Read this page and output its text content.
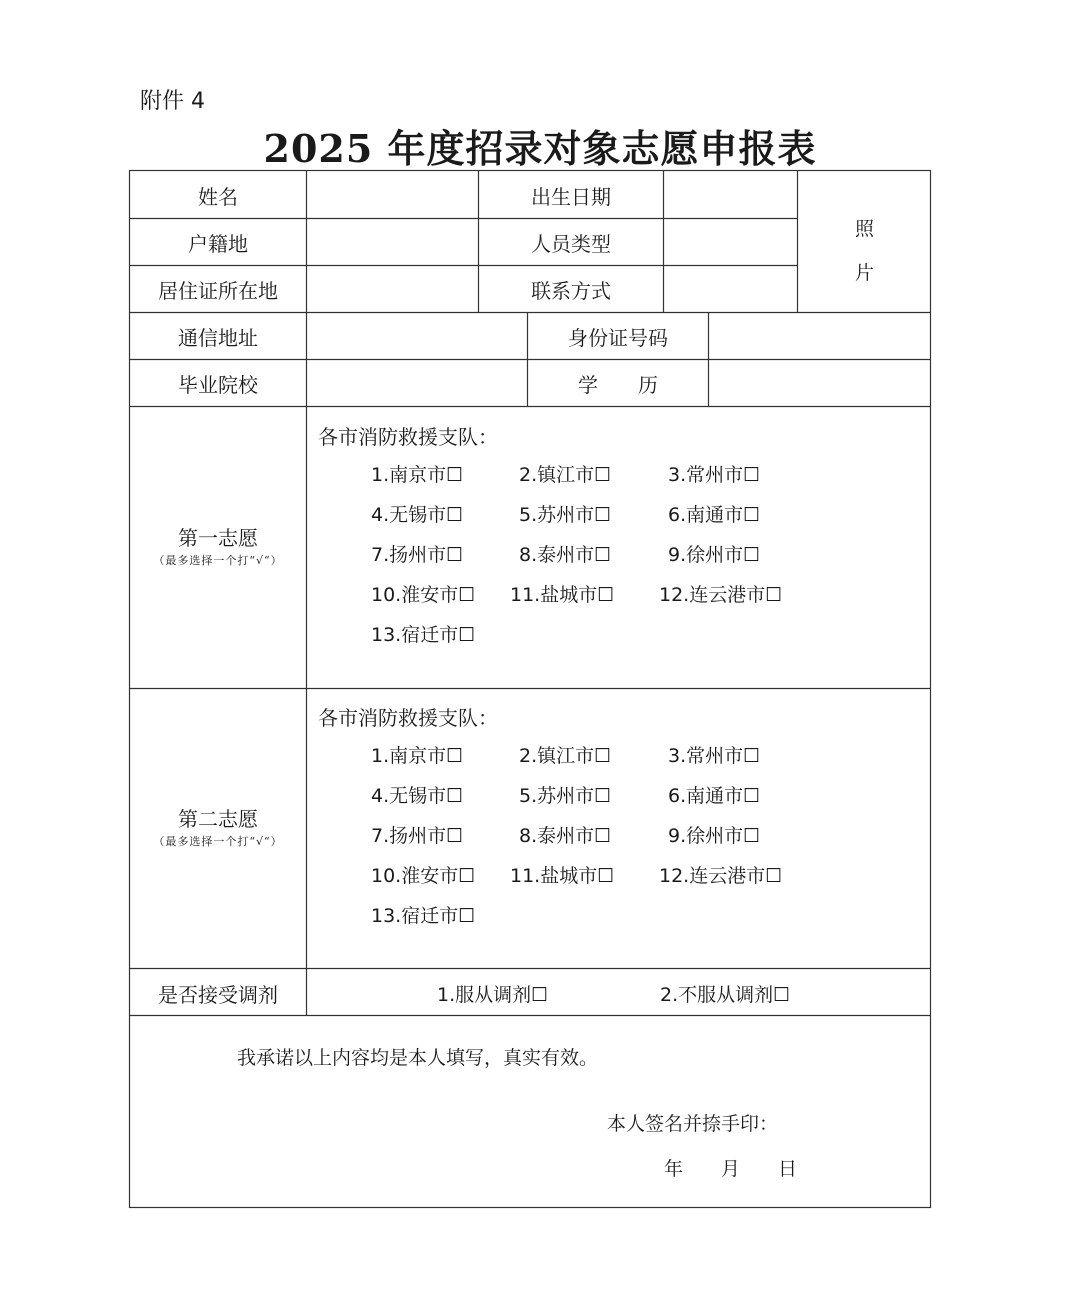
附件 4
2025 年度招录对象志愿申报表
姓名	出生日期
户籍地	人员类型
居住证所在地	联系方式
照
片
通信地址	身份证号码
毕业院校	学　　历
第一志愿
（最多选择一个打“√“）
各市消防救援支队：
1.南京市☐	2.镇江市☐	3.常州市☐
4.无锡市☐	5.苏州市☐	6.南通市☐
7.扬州市☐	8.泰州市☐	9.徐州市☐
10.淮安市☐ 11.盐城市☐ 12.连云港市☐
13.宿迁市☐
第二志愿
（最多选择一个打“√“）
各市消防救援支队：
1.南京市☐	2.镇江市☐	3.常州市☐
4.无锡市☐	5.苏州市☐	6.南通市☐
7.扬州市☐	8.泰州市☐	9.徐州市☐
10.淮安市☐ 11.盐城市☐ 12.连云港市☐
13.宿迁市☐
是否接受调剂	1.服从调剂☐	2.不服从调剂☐
我承诺以上内容均是本人填写，真实有效。
本人签名并捺手印：
年　　月　　日
